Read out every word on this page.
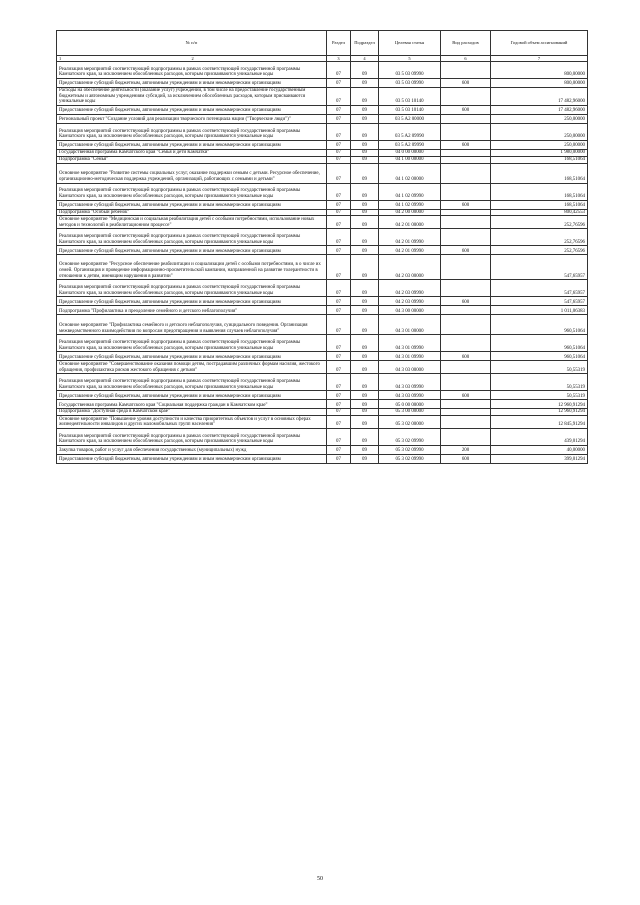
№ п/п	Раздел	Подраздел	Целевая статья	Вид расходов	Годовой объем ассигнований

1 2	3	4	5	6	7
Реализация мероприятий соответствующей подпрограммы в рамках соответствующей государственной программы Камчатского края, за исключением обособленных расходов, которым присваиваются уникальные коды	07	09	03 5 03 09990		800,00000
Предоставление субсидий бюджетным, автономным учреждениям и иным некоммерческим организациям	07	09	03 5 03 09990	600	800,00000
Расходы на обеспечение деятельности (оказание услуг) учреждений, в том числе на предоставление государственным бюджетным и автономным учреждениям субсидий, за исключением обособленных расходов, которым присваиваются уникальные коды	07	09	03 5 03 10140		17 482,96000
Предоставление субсидий бюджетным, автономным учреждениям и иным некоммерческим организациям	07	09	03 5 03 10140	600	17 482,96000
Региональный проект "Создание условий для реализации творческого потенциала нации ("Творческие люди")"	07	09	03 5 A2 00000		250,00000
Реализация мероприятий соответствующей подпрограммы в рамках соответствующей государственной программы Камчатского края, за исключением обособленных расходов, которым присваиваются уникальные коды	07	09	03 5 A2 09990		250,00000
Предоставление субсидий бюджетным, автономным учреждениям и иным некоммерческим организациям	07	09	03 5 A2 09990	600	250,00000
Государственная программа Камчатского края "Семья и дети Камчатки"	07	09	04 0 00 00000		1 980,00000
Подпрограмма "Семья"	07	09	04 1 00 00000		168,51064
Основное мероприятие "Развитие системы социальных услуг, оказание поддержки семьям с детьми. Ресурсное обеспечение, организационно-методическая поддержка учреждений, организаций, работающих с семьями и детьми"	07	09	04 1 02 00000		168,51064
Реализация мероприятий соответствующей подпрограммы в рамках соответствующей государственной программы Камчатского края, за исключением обособленных расходов, которым присваиваются уникальные коды	07	09	04 1 02 09990		168,51064
Предоставление субсидий бюджетным, автономным учреждениям и иным некоммерческим организациям	07	09	04 1 02 09990	600	168,51064
Подпрограмма "Особый ребенок"	07	09	04 2 00 00000		800,42553
Основное мероприятие "Медицинская и социальная реабилитация детей с особыми потребностями, использование новых методов и технологий в реабилитационном процессе"	07	09	04 2 01 00000		252,76596
Реализация мероприятий соответствующей подпрограммы в рамках соответствующей государственной программы Камчатского края, за исключением обособленных расходов, которым присваиваются уникальные коды	07	09	04 2 01 09990		252,76596
Предоставление субсидий бюджетным, автономным учреждениям и иным некоммерческим организациям	07	09	04 2 01 09990	600	252,76596
Основное мероприятие "Ресурсное обеспечение реабилитации и социализации детей с особыми потребностями, в о числе их семей. Организация и проведение информационно-просветительской кампании, направленной на развитие толерантности в отношении к детям, имеющим нарушения в развитии"	07	09	04 2 03 00000		547,65957
Реализация мероприятий соответствующей подпрограммы в рамках соответствующей государственной программы Камчатского края, за исключением обособленных расходов, которым присваиваются уникальные коды	07	09	04 2 03 09990		547,65957
Предоставление субсидий бюджетным, автономным учреждениям и иным некоммерческим организациям	07	09	04 2 03 09990	600	547,65957
Подпрограмма "Профилактика и преодоление семейного и детского неблагополучия"	07	09	04 3 00 00000		1 011,06383
Основное мероприятие "Профилактика семейного и детского неблагополучия, суицидального поведения. Организация межведомственного взаимодействия по вопросам предотвращения и выявления случаев неблагополучия"	07	09	04 3 01 00000		960,51064
Реализация мероприятий соответствующей подпрограммы в рамках соответствующей государственной программы Камчатского края, за исключением обособленных расходов, которым присваиваются уникальные коды	07	09	04 3 01 09990		960,51064
Предоставление субсидий бюджетным, автономным учреждениям и иным некоммерческим организациям	07	09	04 3 01 09990	600	960,51064
Основное мероприятие "Совершенствование оказания помощи детям, пострадавшим различных формам насилия, жестокого обращения, профилактика рисков жестокого обращения с детьми"	07	09	04 3 03 00000		50,55319
Реализация мероприятий соответствующей подпрограммы в рамках соответствующей государственной программы Камчатского края, за исключением обособленных расходов, которым присваиваются уникальные коды	07	09	04 3 03 09990		50,55319
Предоставление субсидий бюджетным, автономным учреждениям и иным некоммерческим организациям	07	09	04 3 03 09990	600	50,55319
Государственная программа Камчатского края "Социальная поддержка граждан в Камчатском крае"	07	09	05 0 00 00000		12 960,91294
Подпрограмма "Доступная среда в Камчатском крае"	07	09	05 3 00 00000		12 960,91294
Основное мероприятие "Повышение уровня доступности и качества приоритетных объектов и услуг в основных сферах жизнедеятельности инвалидов и других маломобильных групп населения"	07	09	05 3 02 00000		12 845,91294
Реализация мероприятий соответствующей подпрограммы в рамках соответствующей государственной программы Камчатского края, за исключением обособленных расходов, которым присваиваются уникальные коды	07	09	05 3 02 09990		439,01294
Закупка товаров, работ и услуг для обеспечения государственных (муниципальных) нужд	07	09	05 3 02 09990	200	40,00000
Предоставление субсидий бюджетным, автономным учреждениям и иным некоммерческим организациям	07	09	05 3 02 09990	600	399,01294
50
